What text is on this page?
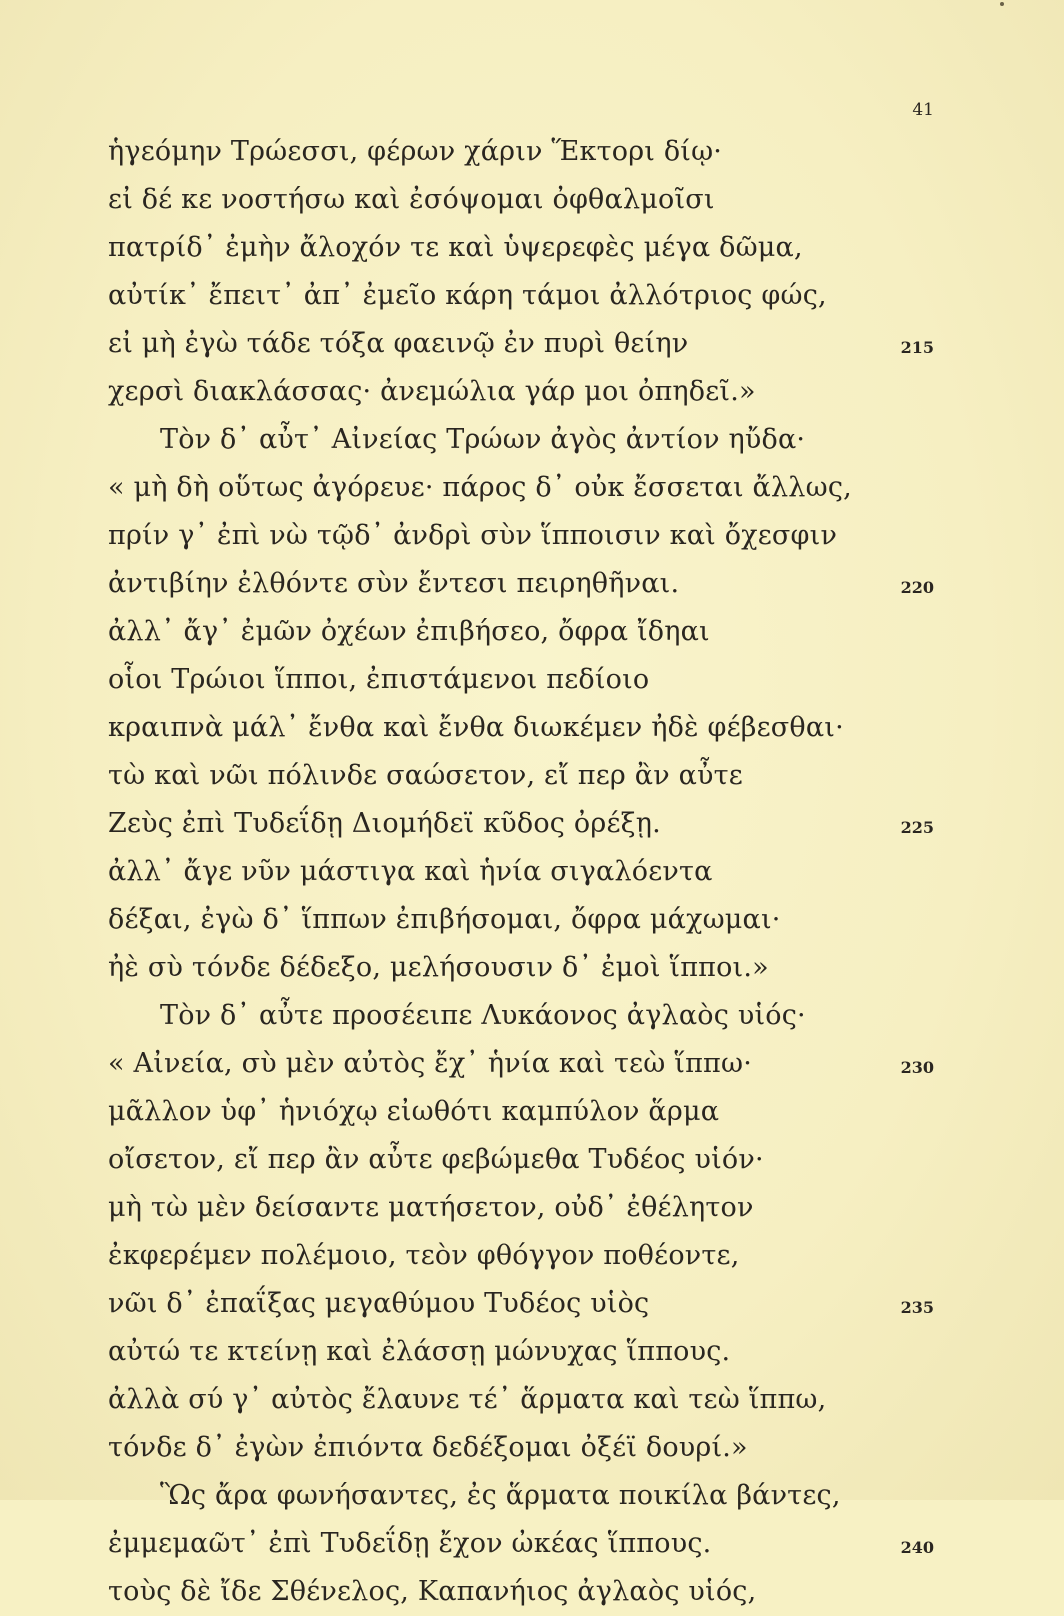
41
ἡγεόμην Τρώεσσι, φέρων χάριν Ἕκτορι δίῳ·
εἰ δέ κε νοστήσω καὶ ἐσόψομαι ὀφθαλμοῖσι
πατρίδ᾽ ἐμὴν ἄλοχόν τε καὶ ὑψερεφὲς μέγα δῶμα,
αὐτίκ᾽ ἔπειτ᾽ ἀπ᾽ ἐμεῖο κάρη τάμοι ἀλλότριος φώς,
εἰ μὴ ἐγὼ τάδε τόξα φαεινῷ ἐν πυρὶ θείην	215
χερσὶ διακλάσσας· ἀνεμώλια γάρ μοι ὀπηδεῖ.»
Τὸν δ᾽ αὖτ᾽ Αἰνείας Τρώων ἀγὸς ἀντίον ηὔδα·
« μὴ δὴ οὕτως ἀγόρευε· πάρος δ᾽ οὐκ ἔσσεται ἄλλως,
πρίν γ᾽ ἐπὶ νὼ τῷδ᾽ ἀνδρὶ σὺν ἵπποισιν καὶ ὄχεσφιν
ἀντιβίην ἐλθόντε σὺν ἔντεσι πειρηθῆναι.	220
ἀλλ᾽ ἄγ᾽ ἐμῶν ὀχέων ἐπιβήσεο, ὄφρα ἴδηαι
οἷοι Τρώιοι ἵπποι, ἐπιστάμενοι πεδίοιο
κραιπνὰ μάλ᾽ ἔνθα καὶ ἔνθα διωκέμεν ἠδὲ φέβεσθαι·
τὼ καὶ νῶι πόλινδε σαώσετον, εἴ περ ἂν αὖτε
Ζεὺς ἐπὶ Τυδεΐδῃ Διομήδεϊ κῦδος ὀρέξῃ.	225
ἀλλ᾽ ἄγε νῦν μάστιγα καὶ ἡνία σιγαλόεντα
δέξαι, ἐγὼ δ᾽ ἵππων ἐπιβήσομαι, ὄφρα μάχωμαι·
ἠὲ σὺ τόνδε δέδεξο, μελήσουσιν δ᾽ ἐμοὶ ἵπποι.»
Τὸν δ᾽ αὖτε προσέειπε Λυκάονος ἀγλαὸς υἱός·
« Αἰνεία, σὺ μὲν αὐτὸς ἔχ᾽ ἡνία καὶ τεὼ ἵππω·	230
μᾶλλον ὑφ᾽ ἡνιόχῳ εἰωθότι καμπύλον ἅρμα
οἴσετον, εἴ περ ἂν αὖτε φεβώμεθα Τυδέος υἱόν·
μὴ τὼ μὲν δείσαντε ματήσετον, οὐδ᾽ ἐθέλητον
ἐκφερέμεν πολέμοιο, τεὸν φθόγγον ποθέοντε,
νῶι δ᾽ ἐπαΐξας μεγαθύμου Τυδέος υἱὸς	235
αὐτώ τε κτείνῃ καὶ ἐλάσσῃ μώνυχας ἵππους.
ἀλλὰ σύ γ᾽ αὐτὸς ἔλαυνε τέ᾽ ἅρματα καὶ τεὼ ἵππω,
τόνδε δ᾽ ἐγὼν ἐπιόντα δεδέξομαι ὀξέϊ δουρί.»
Ὣς ἄρα φωνήσαντες, ἐς ἅρματα ποικίλα βάντες,
ἐμμεμαῶτ᾽ ἐπὶ Τυδεΐδῃ ἔχον ὠκέας ἵππους.	240
τοὺς δὲ ἴδε Σθένελος, Καπανήιος ἀγλαὸς υἱός,
